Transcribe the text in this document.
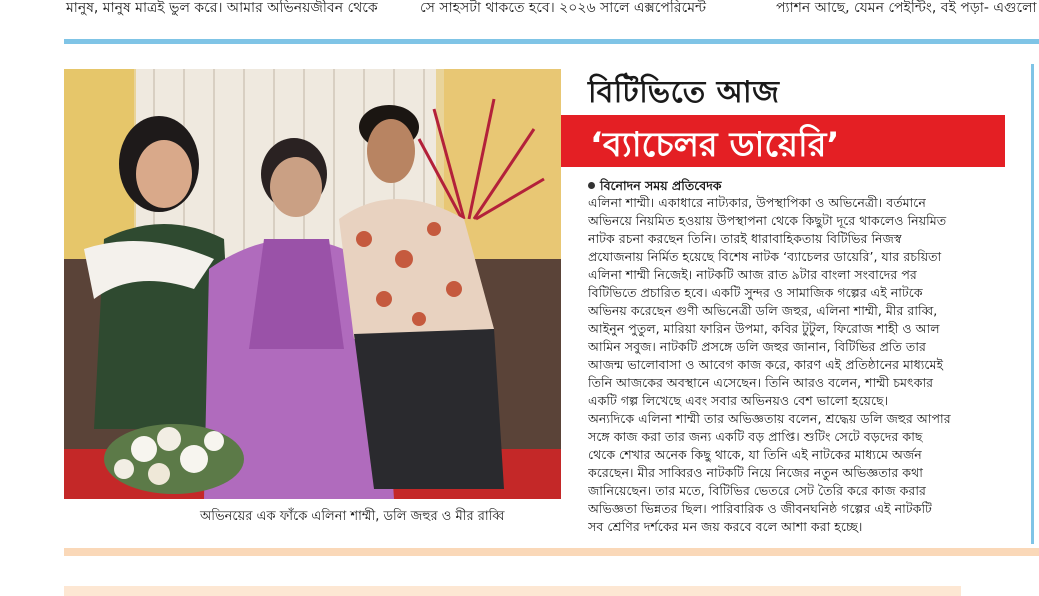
মানুষ, মানুষ মাত্রই ভুল করে। আমার অভিনয়জীবন থেকে	সে সাহসটা থাকতে হবে। ২০২৬ সালে এক্সপেরিমেন্ট	প্যাশন আছে, যেমন পেইন্টিং, বই পড়া- এগুলো
অভিনয়ের এক ফাঁকে এলিনা শাম্মী, ডলি জহুর ও মীর রাব্বি
বিটিভিতে আজ
‘ব্যাচেলর ডায়েরি’
বিনোদন সময় প্রতিবেদক
এলিনা শাম্মী। একাধারে নাট্যকার, উপস্থাপিকা ও অভিনেত্রী। বর্তমানে
অভিনয়ে নিয়মিত হওয়ায় উপস্থাপনা থেকে কিছুটা দূরে থাকলেও নিয়মিত
নাটক রচনা করছেন তিনি। তারই ধারাবাহিকতায় বিটিভির নিজস্ব
প্রযোজনায় নির্মিত হয়েছে বিশেষ নাটক ‘ব্যাচেলর ডায়েরি’, যার রচয়িতা
এলিনা শাম্মী নিজেই। নাটকটি আজ রাত ৯টার বাংলা সংবাদের পর
বিটিভিতে প্রচারিত হবে। একটি সুন্দর ও সামাজিক গল্পের এই নাটকে
অভিনয় করেছেন গুণী অভিনেত্রী ডলি জহুর, এলিনা শাম্মী, মীর রাব্বি,
আইনুন পুতুল, মারিয়া ফারিন উপমা, কবির টুটুল, ফিরোজ শাহী ও আল
আমিন সবুজ। নাটকটি প্রসঙ্গে ডলি জহুর জানান, বিটিভির প্রতি তার
আজন্ম ভালোবাসা ও আবেগ কাজ করে, কারণ এই প্রতিষ্ঠানের মাধ্যমেই
তিনি আজকের অবস্থানে এসেছেন। তিনি আরও বলেন, শাম্মী চমৎকার
একটি গল্প লিখেছে এবং সবার অভিনয়ও বেশ ভালো হয়েছে।
অন্যদিকে এলিনা শাম্মী তার অভিজ্ঞতায় বলেন, শ্রদ্ধেয় ডলি জহুর আপার
সঙ্গে কাজ করা তার জন্য একটি বড় প্রাপ্তি। শুটিং সেটে বড়দের কাছ
থেকে শেখার অনেক কিছু থাকে, যা তিনি এই নাটকের মাধ্যমে অর্জন
করেছেন। মীর সাব্বিরও নাটকটি নিয়ে নিজের নতুন অভিজ্ঞতার কথা
জানিয়েছেন। তার মতে, বিটিভির ভেতরে সেট তৈরি করে কাজ করার
অভিজ্ঞতা ভিন্নতর ছিল। পারিবারিক ও জীবনঘনিষ্ঠ গল্পের এই নাটকটি
সব শ্রেণির দর্শকের মন জয় করবে বলে আশা করা হচ্ছে।
